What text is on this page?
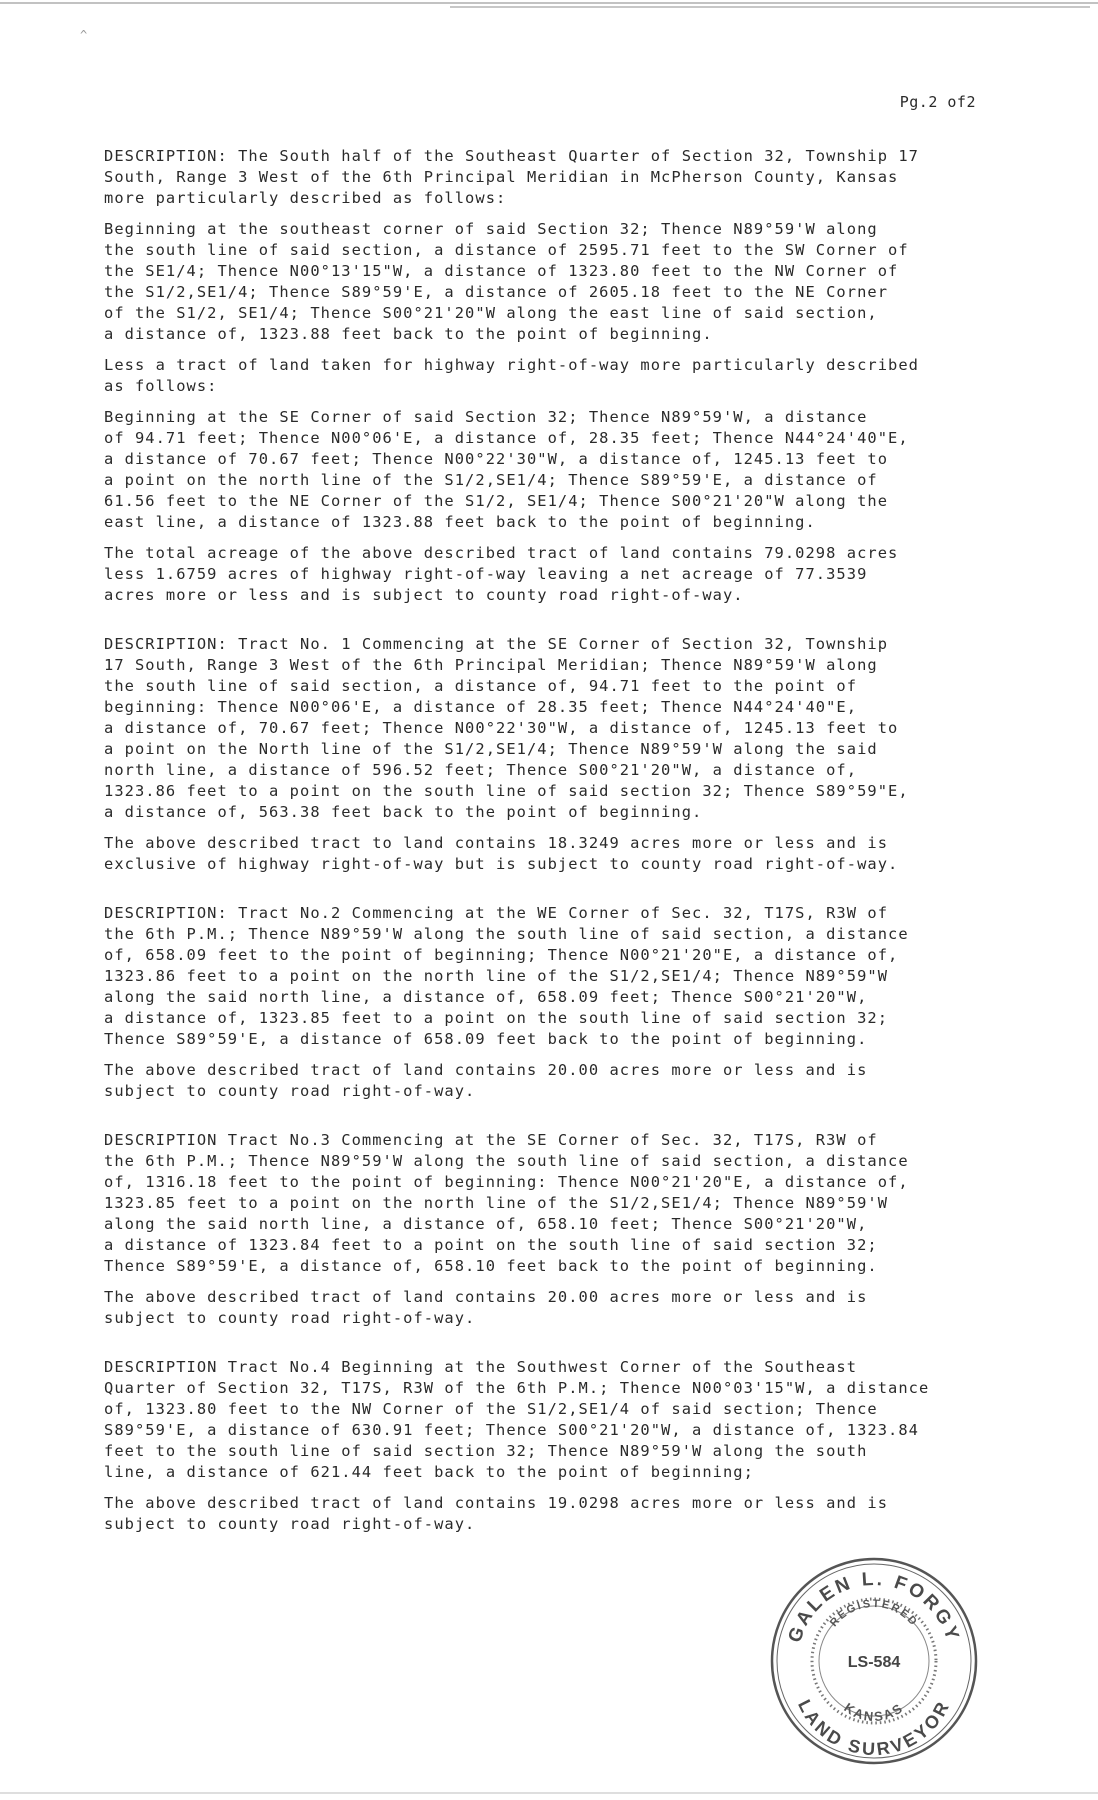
^
Pg.2 of2

DESCRIPTION: The South half of the Southeast Quarter of Section 32, Township 17
South, Range 3 West of the 6th Principal Meridian in McPherson County, Kansas
more particularly described as follows:

Beginning at the southeast corner of said Section 32; Thence N89°59'W along
the south line of said section, a distance of 2595.71 feet to the SW Corner of
the SE1/4; Thence N00°13'15"W, a distance of 1323.80 feet to the NW Corner of
the S1/2,SE1/4; Thence S89°59'E, a distance of 2605.18 feet to the NE Corner
of the S1/2, SE1/4; Thence S00°21'20"W along the east line of said section,
a distance of, 1323.88 feet back to the point of beginning.

Less a tract of land taken for highway right-of-way more particularly described
as follows:

Beginning at the SE Corner of said Section 32; Thence N89°59'W, a distance
of 94.71 feet; Thence N00°06'E, a distance of, 28.35 feet; Thence N44°24'40"E,
a distance of 70.67 feet; Thence N00°22'30"W, a distance of, 1245.13 feet to
a point on the north line of the S1/2,SE1/4; Thence S89°59'E, a distance of
61.56 feet to the NE Corner of the S1/2, SE1/4; Thence S00°21'20"W along the
east line, a distance of 1323.88 feet back to the point of beginning.

The total acreage of the above described tract of land contains 79.0298 acres
less 1.6759 acres of highway right-of-way leaving a net acreage of 77.3539
acres more or less and is subject to county road right-of-way.

DESCRIPTION: Tract No. 1 Commencing at the SE Corner of Section 32, Township
17 South, Range 3 West of the 6th Principal Meridian; Thence N89°59'W along
the south line of said section, a distance of, 94.71 feet to the point of
beginning: Thence N00°06'E, a distance of 28.35 feet; Thence N44°24'40"E,
a distance of, 70.67 feet; Thence N00°22'30"W, a distance of, 1245.13 feet to
a point on the North line of the S1/2,SE1/4; Thence N89°59'W along the said
north line, a distance of 596.52 feet; Thence S00°21'20"W, a distance of,
1323.86 feet to a point on the south line of said section 32; Thence S89°59"E,
a distance of, 563.38 feet back to the point of beginning.

The above described tract to land contains 18.3249 acres more or less and is
exclusive of highway right-of-way but is subject to county road right-of-way.

DESCRIPTION: Tract No.2 Commencing at the WE Corner of Sec. 32, T17S, R3W of
the 6th P.M.; Thence N89°59'W along the south line of said section, a distance
of, 658.09 feet to the point of beginning; Thence N00°21'20"E, a distance of,
1323.86 feet to a point on the north line of the S1/2,SE1/4; Thence N89°59"W
along the said north line, a distance of, 658.09 feet; Thence S00°21'20"W,
a distance of, 1323.85 feet to a point on the south line of said section 32;
Thence S89°59'E, a distance of 658.09 feet back to the point of beginning.

The above described tract of land contains 20.00 acres more or less and is
subject to county road right-of-way.

DESCRIPTION Tract No.3 Commencing at the SE Corner of Sec. 32, T17S, R3W of
the 6th P.M.; Thence N89°59'W along the south line of said section, a distance
of, 1316.18 feet to the point of beginning: Thence N00°21'20"E, a distance of,
1323.85 feet to a point on the north line of the S1/2,SE1/4; Thence N89°59'W
along the said north line, a distance of, 658.10 feet; Thence S00°21'20"W,
a distance of 1323.84 feet to a point on the south line of said section 32;
Thence S89°59'E, a distance of, 658.10 feet back to the point of beginning.

The above described tract of land contains 20.00 acres more or less and is
subject to county road right-of-way.

DESCRIPTION Tract No.4 Beginning at the Southwest Corner of the Southeast
Quarter of Section 32, T17S, R3W of the 6th P.M.; Thence N00°03'15"W, a distance
of, 1323.80 feet to the NW Corner of the S1/2,SE1/4 of said section; Thence
S89°59'E, a distance of 630.91 feet; Thence S00°21'20"W, a distance of, 1323.84
feet to the south line of said section 32; Thence N89°59'W along the south
line, a distance of 621.44 feet back to the point of beginning;

The above described tract of land contains 19.0298 acres more or less and is
subject to county road right-of-way.

GALEN L. FORGY
LAND SURVEYOR
REGISTERED
KANSAS
LS-584
